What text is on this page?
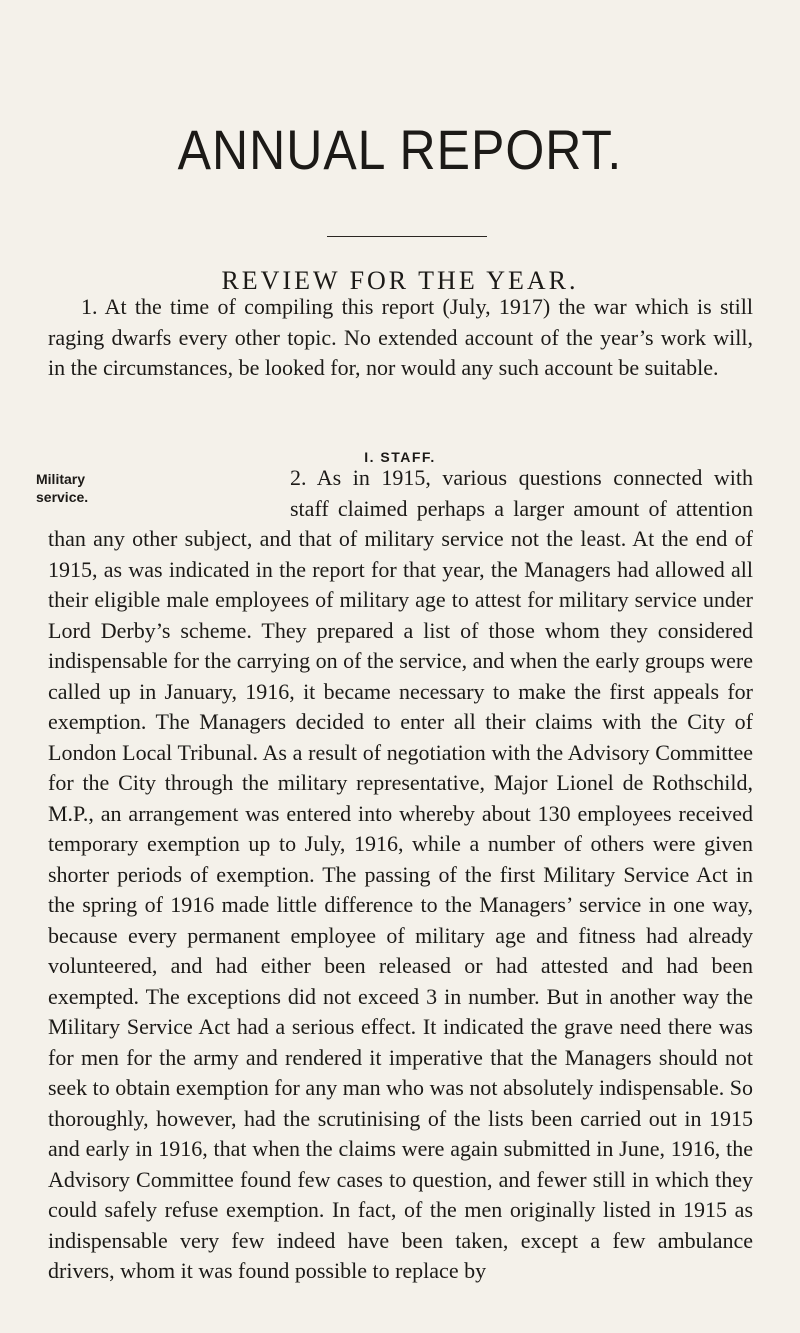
ANNUAL REPORT.
REVIEW FOR THE YEAR.

1. At the time of compiling this report (July, 1917) the war which is still raging dwarfs every other topic. No extended account of the year’s work will, in the circumstances, be looked for, nor would any such account be suitable.

I. STAFF.
Military service.

2. As in 1915, various questions connected with staff claimed perhaps a larger amount of attention than any other subject, and that of military service not the least. At the end of 1915, as was indicated in the report for that year, the Managers had allowed all their eligible male employees of military age to attest for military service under Lord Derby’s scheme. They prepared a list of those whom they considered indispensable for the carrying on of the service, and when the early groups were called up in January, 1916, it became necessary to make the first appeals for exemption. The Managers decided to enter all their claims with the City of London Local Tribunal. As a result of negotiation with the Advisory Committee for the City through the military representative, Major Lionel de Rothschild, M.P., an arrangement was entered into whereby about 130 employees received temporary exemption up to July, 1916, while a number of others were given shorter periods of exemption. The passing of the first Military Service Act in the spring of 1916 made little difference to the Managers’ service in one way, because every permanent employee of military age and fitness had already volunteered, and had either been released or had attested and had been exempted. The exceptions did not exceed 3 in number. But in another way the Military Service Act had a serious effect. It indicated the grave need there was for men for the army and rendered it imperative that the Managers should not seek to obtain exemption for any man who was not absolutely indispensable. So thoroughly, however, had the scrutinising of the lists been carried out in 1915 and early in 1916, that when the claims were again submitted in June, 1916, the Advisory Committee found few cases to question, and fewer still in which they could safely refuse exemption. In fact, of the men originally listed in 1915 as indispensable very few indeed have been taken, except a few ambulance drivers, whom it was found possible to replace by
